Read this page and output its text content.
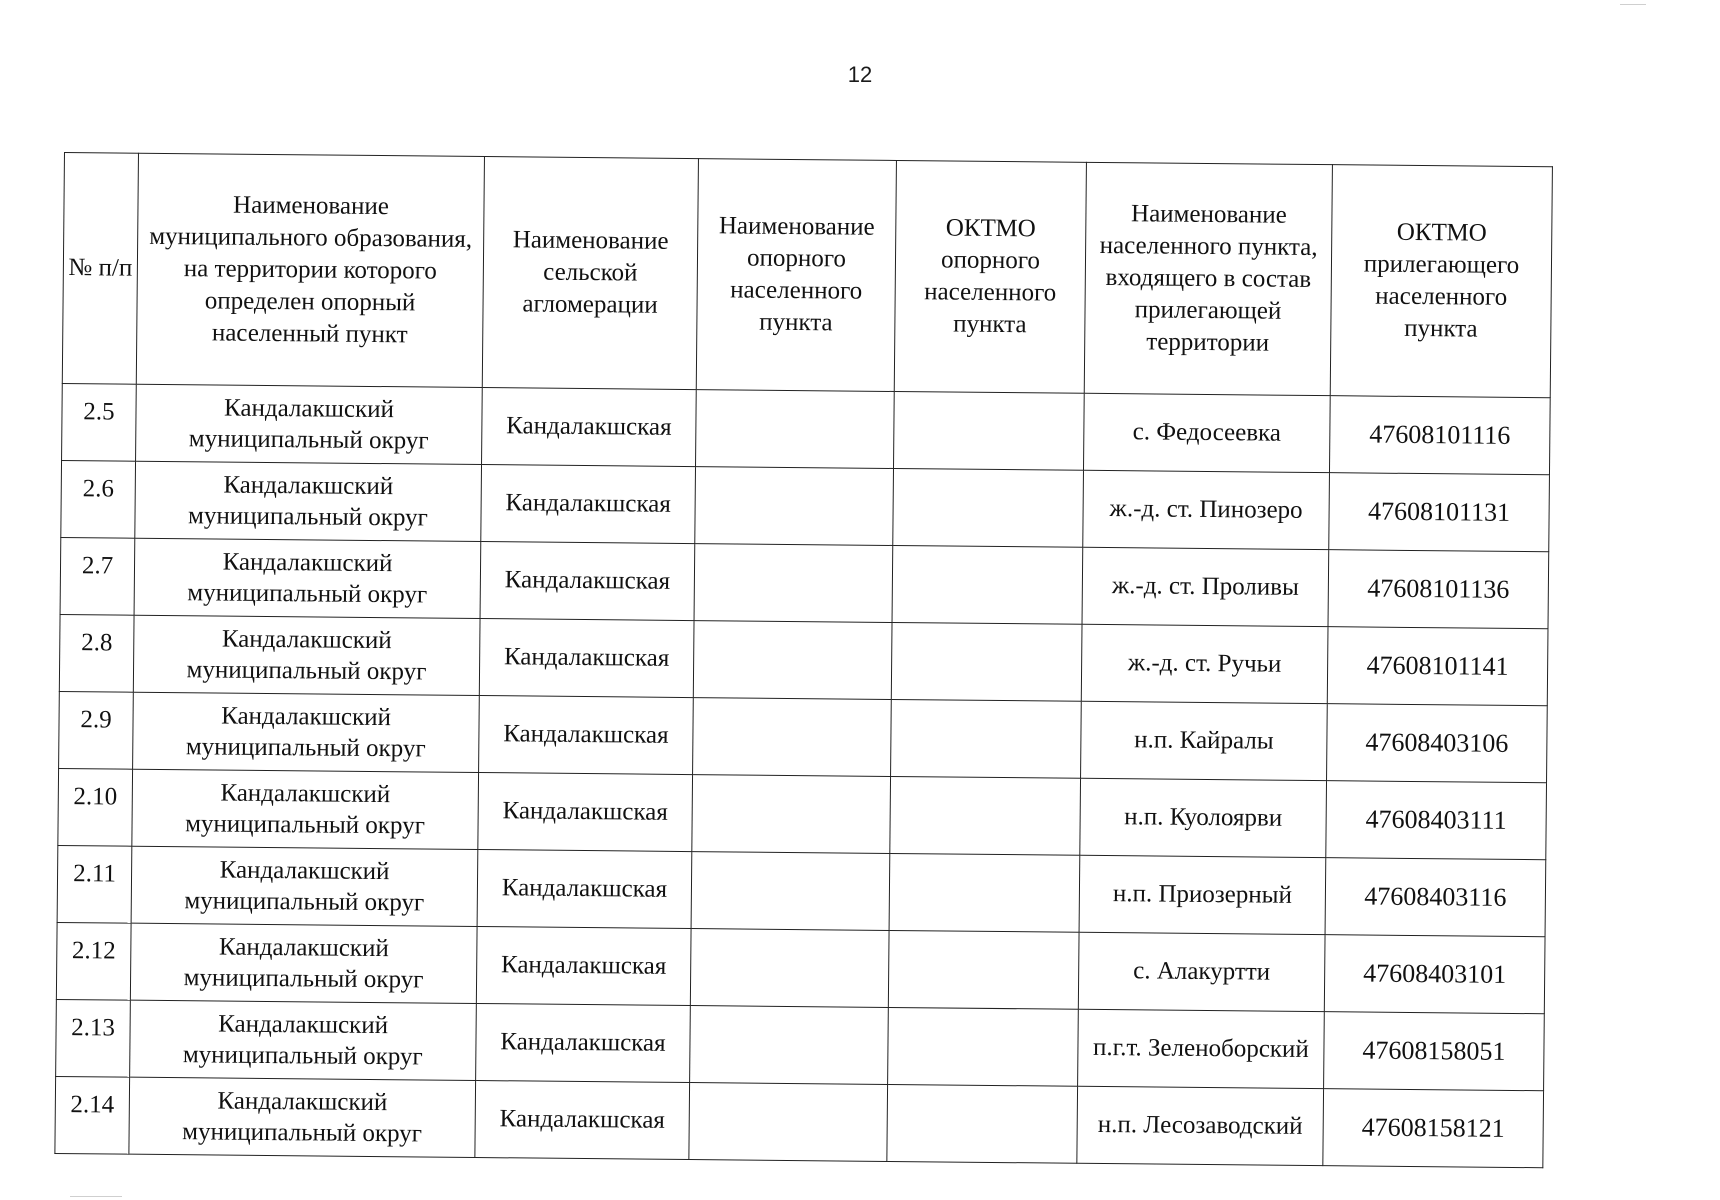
12
№ п/п	Наименование муниципального образования, на территории которого определен опорный населенный пункт	Наименование сельской агломерации	Наименование опорного населенного пункта	ОКТМО опорного населенного пункта	Наименование населенного пункта, входящего в состав прилегающей территории	ОКТМО прилегающего населенного пункта
2.5	Кандалакшский муниципальный округ	Кандалакшская			с. Федосеевка	47608101116
2.6	Кандалакшский муниципальный округ	Кандалакшская			ж.-д. ст. Пинозеро	47608101131
2.7	Кандалакшский муниципальный округ	Кандалакшская			ж.-д. ст. Проливы	47608101136
2.8	Кандалакшский муниципальный округ	Кандалакшская			ж.-д. ст. Ручьи	47608101141
2.9	Кандалакшский муниципальный округ	Кандалакшская			н.п. Кайралы	47608403106
2.10	Кандалакшский муниципальный округ	Кандалакшская			н.п. Куолоярви	47608403111
2.11	Кандалакшский муниципальный округ	Кандалакшская			н.п. Приозерный	47608403116
2.12	Кандалакшский муниципальный округ	Кандалакшская			с. Алакуртти	47608403101
2.13	Кандалакшский муниципальный округ	Кандалакшская			п.г.т. Зеленоборский	47608158051
2.14	Кандалакшский муниципальный округ	Кандалакшская			н.п. Лесозаводский	47608158121
